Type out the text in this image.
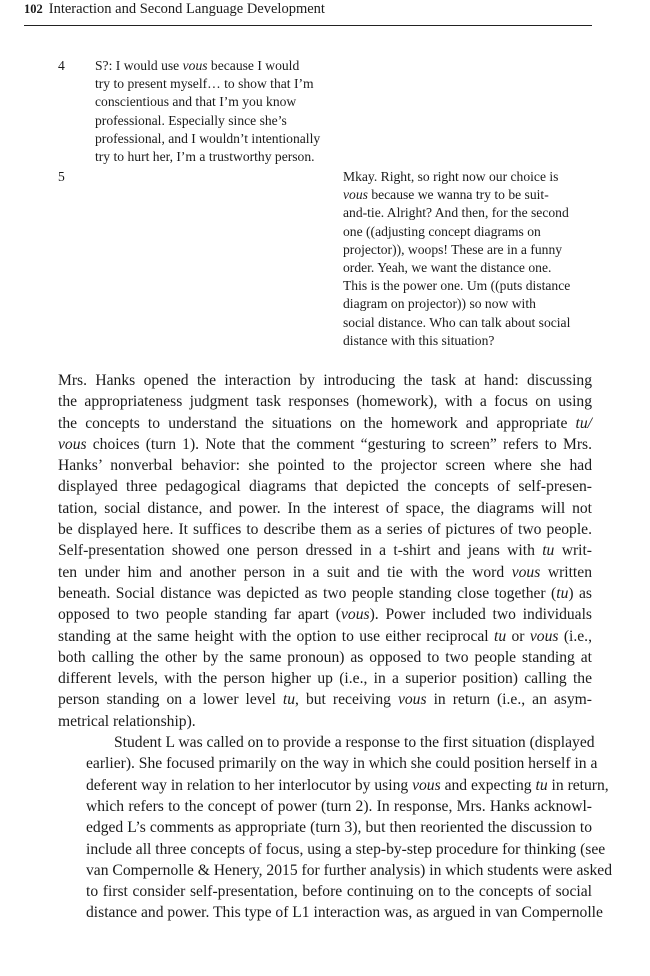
102 Interaction and Second Language Development
4 S?: I would use vous because I would
try to present myself… to show that I’m
conscientious and that I’m you know
professional. Especially since she’s
professional, and I wouldn’t intentionally
try to hurt her, I’m a trustworthy person.
5	Mkay. Right, so right now our choice is
vous because we wanna try to be suit-
and-tie. Alright? And then, for the second
one ((adjusting concept diagrams on
projector)), woops! These are in a funny
order. Yeah, we want the distance one.
This is the power one. Um ((puts distance
diagram on projector)) so now with
social distance. Who can talk about social
distance with this situation?

Mrs. Hanks opened the interaction by introducing the task at hand: discussing
the appropriateness judgment task responses (homework), with a focus on using
the concepts to understand the situations on the homework and appropriate tu/
vous choices (turn 1). Note that the comment “gesturing to screen” refers to Mrs.
Hanks’ nonverbal behavior: she pointed to the projector screen where she had
displayed three pedagogical diagrams that depicted the concepts of self-presen-
tation, social distance, and power. In the interest of space, the diagrams will not
be displayed here. It suffices to describe them as a series of pictures of two people.
Self-presentation showed one person dressed in a t-shirt and jeans with tu writ-
ten under him and another person in a suit and tie with the word vous written
beneath. Social distance was depicted as two people standing close together (tu) as
opposed to two people standing far apart (vous). Power included two individuals
standing at the same height with the option to use either reciprocal tu or vous (i.e.,
both calling the other by the same pronoun) as opposed to two people standing at
different levels, with the person higher up (i.e., in a superior position) calling the
person standing on a lower level tu, but receiving vous in return (i.e., an asym-
metrical relationship).

Student L was called on to provide a response to the first situation (displayed
earlier). She focused primarily on the way in which she could position herself in a
deferent way in relation to her interlocutor by using vous and expecting tu in return,
which refers to the concept of power (turn 2). In response, Mrs. Hanks acknowl-
edged L’s comments as appropriate (turn 3), but then reoriented the discussion to
include all three concepts of focus, using a step-by-step procedure for thinking (see
van Compernolle & Henery, 2015 for further analysis) in which students were asked
to first consider self-presentation, before continuing on to the concepts of social
distance and power. This type of L1 interaction was, as argued in van Compernolle
